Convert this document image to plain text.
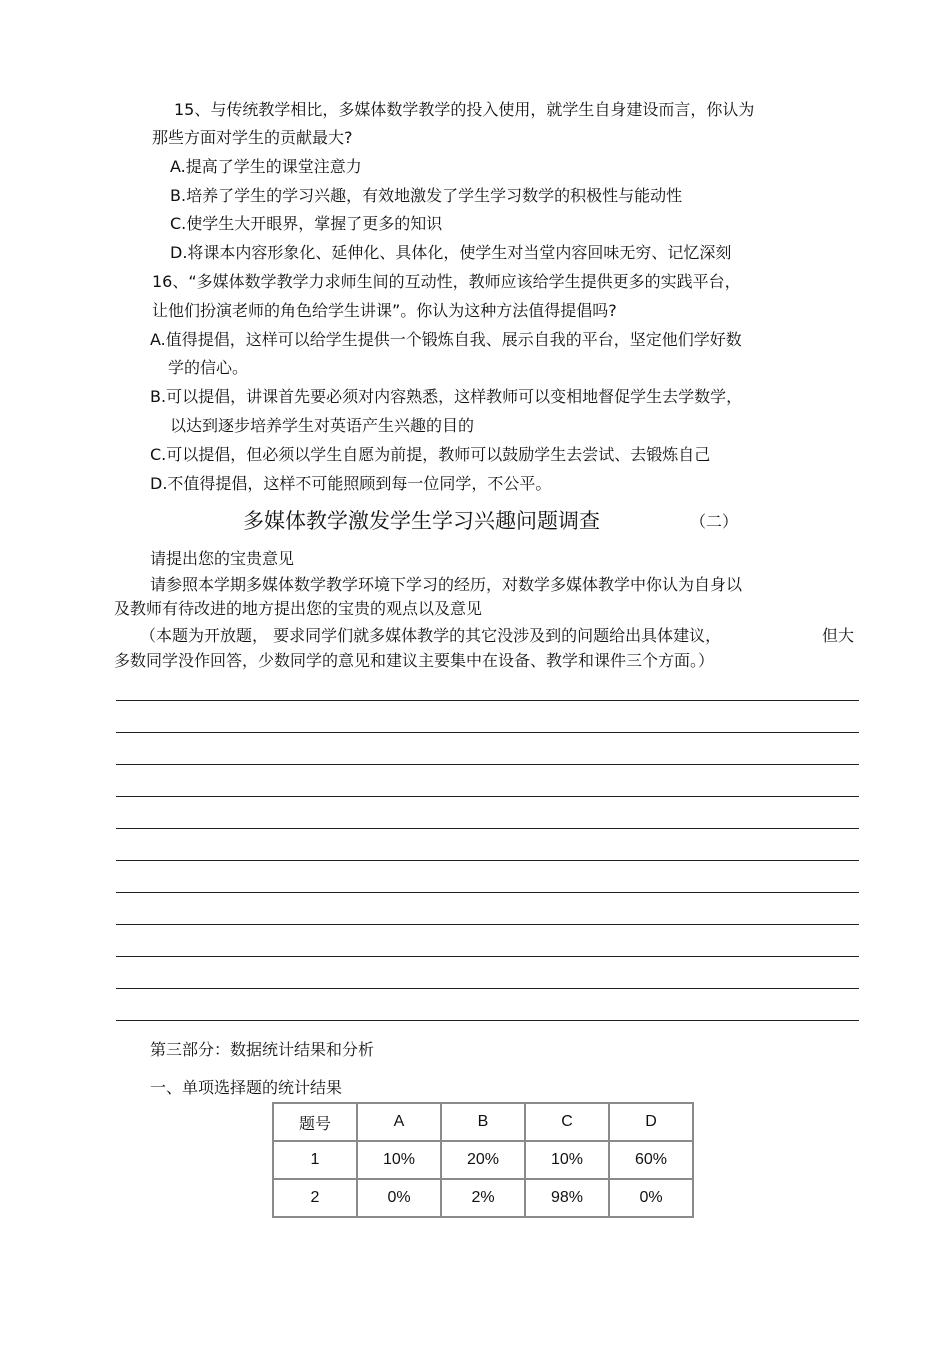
15、与传统教学相比，多媒体数学教学的投入使用，就学生自身建设而言，你认为
那些方面对学生的贡献最大?
A.提高了学生的课堂注意力
B.培养了学生的学习兴趣，有效地激发了学生学习数学的积极性与能动性
C.使学生大开眼界，掌握了更多的知识
D.将课本内容形象化、延伸化、具体化，使学生对当堂内容回味无穷、记忆深刻
16、“多媒体数学教学力求师生间的互动性，教师应该给学生提供更多的实践平台，
让他们扮演老师的角色给学生讲课”。你认为这种方法值得提倡吗?
A.值得提倡，这样可以给学生提供一个锻炼自我、展示自我的平台，坚定他们学好数
学的信心。
B.可以提倡，讲课首先要必须对内容熟悉，这样教师可以变相地督促学生去学数学，
以达到逐步培养学生对英语产生兴趣的目的
C.可以提倡，但必须以学生自愿为前提，教师可以鼓励学生去尝试、去锻炼自己
D.不值得提倡，这样不可能照顾到每一位同学，不公平。
多媒体教学激发学生学习兴趣问题调查	（二）
请提出您的宝贵意见
请参照本学期多媒体数学教学环境下学习的经历，对数学多媒体教学中你认为自身以
及教师有待改进的地方提出您的宝贵的观点以及意见
（本题为开放题， 要求同学们就多媒体教学的其它没涉及到的问题给出具体建议，	但大
多数同学没作回答，少数同学的意见和建议主要集中在设备、教学和课件三个方面。）
第三部分：数据统计结果和分析
一、单项选择题的统计结果
题号	A	B	C	D
1	10%	20%	10%	60%
2	0%	2%	98%	0%
